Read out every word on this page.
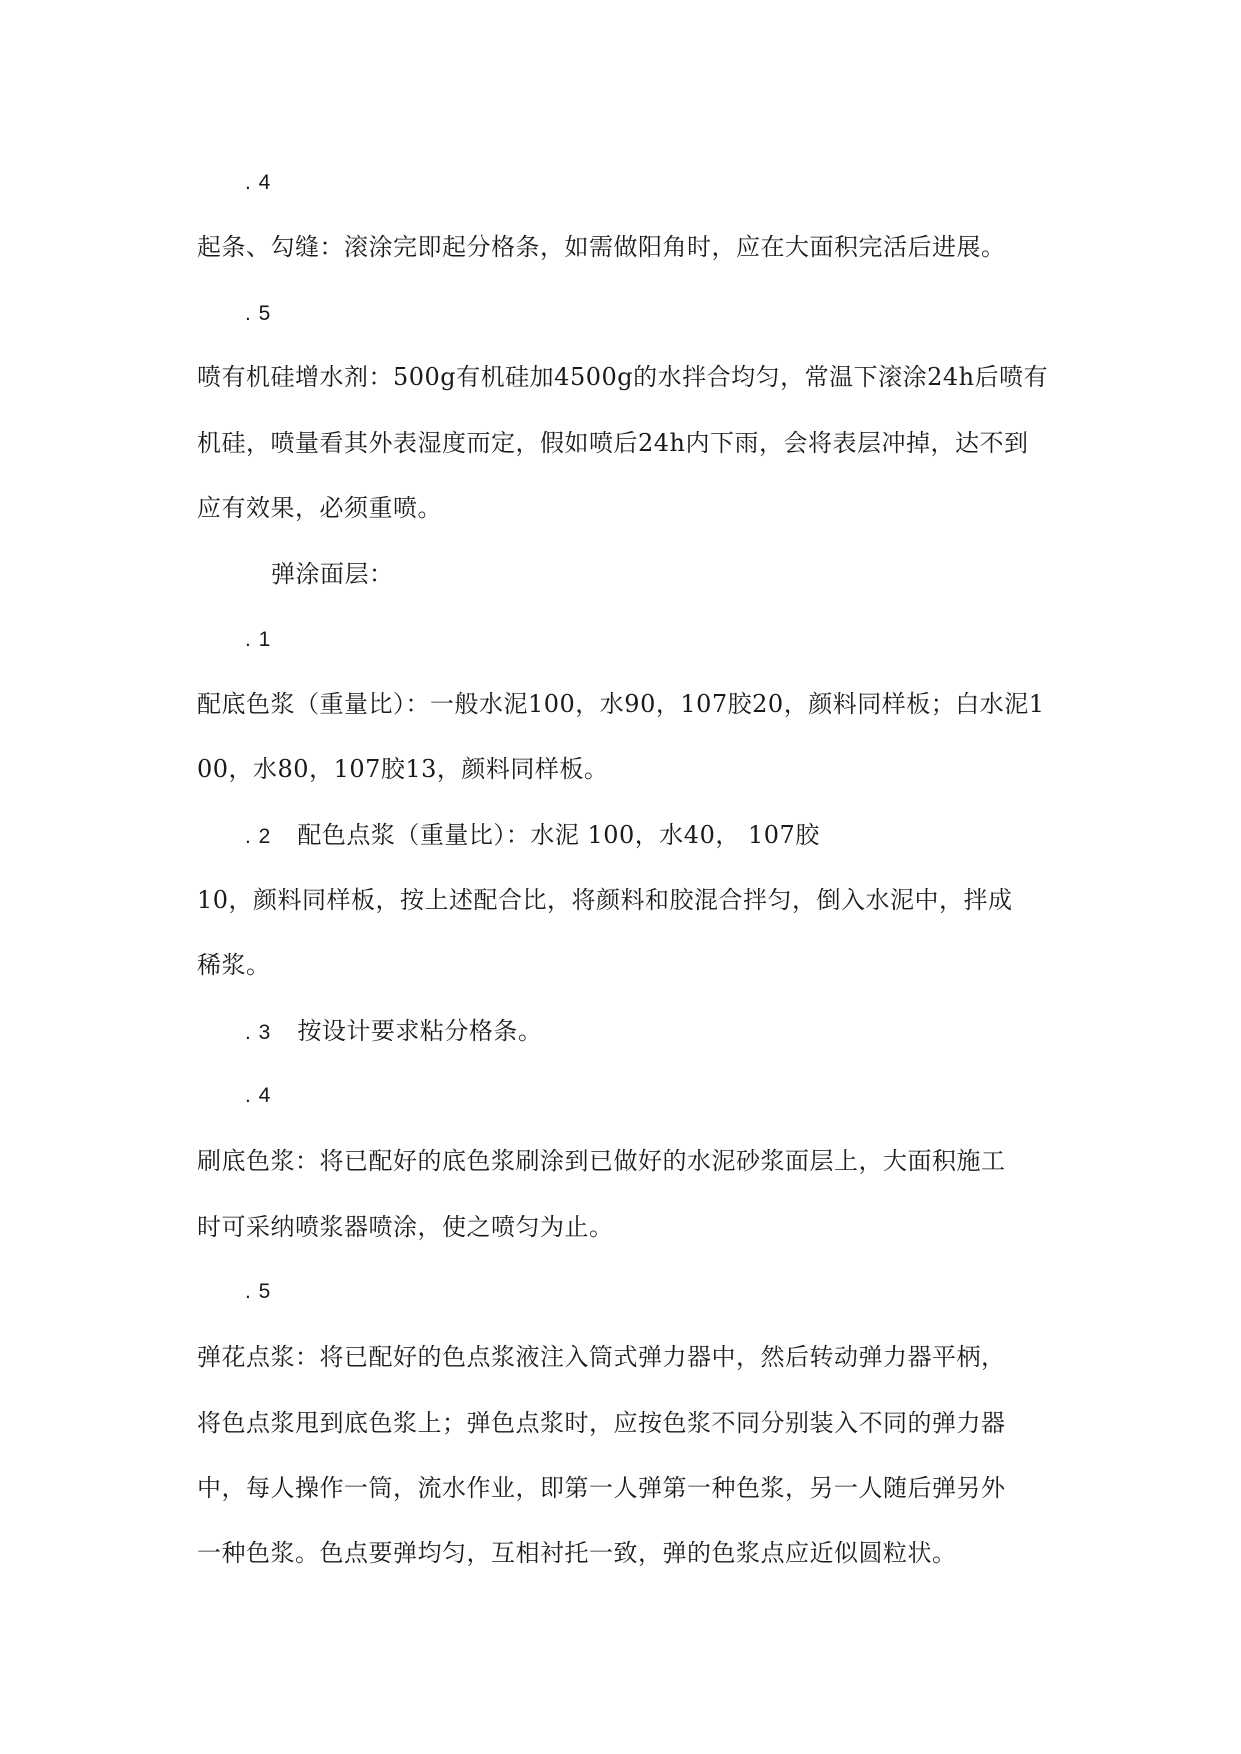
. 4
起条、勾缝：滚涂完即起分格条，如需做阳角时，应在大面积完活后进展。
. 5
喷有机硅增水剂：500g有机硅加4500g的水拌合均匀，常温下滚涂24h后喷有
机硅，喷量看其外表湿度而定，假如喷后24h内下雨，会将表层冲掉，达不到
应有效果，必须重喷。
弹涂面层：
. 1
配底色浆（重量比）：一般水泥100，水90，107胶20，颜料同样板；白水泥1
00，水80，107胶13，颜料同样板。
. 2 配色点浆（重量比）：水泥 100，水40， 107胶
10，颜料同样板，按上述配合比，将颜料和胶混合拌匀，倒入水泥中，拌成
稀浆。
. 3 按设计要求粘分格条。
. 4
刷底色浆：将已配好的底色浆刷涂到已做好的水泥砂浆面层上，大面积施工
时可采纳喷浆器喷涂，使之喷匀为止。
. 5
弹花点浆：将已配好的色点浆液注入筒式弹力器中，然后转动弹力器平柄，
将色点浆甩到底色浆上；弹色点浆时，应按色浆不同分别装入不同的弹力器
中，每人操作一筒，流水作业，即第一人弹第一种色浆，另一人随后弹另外
一种色浆。色点要弹均匀，互相衬托一致，弹的色浆点应近似圆粒状。
